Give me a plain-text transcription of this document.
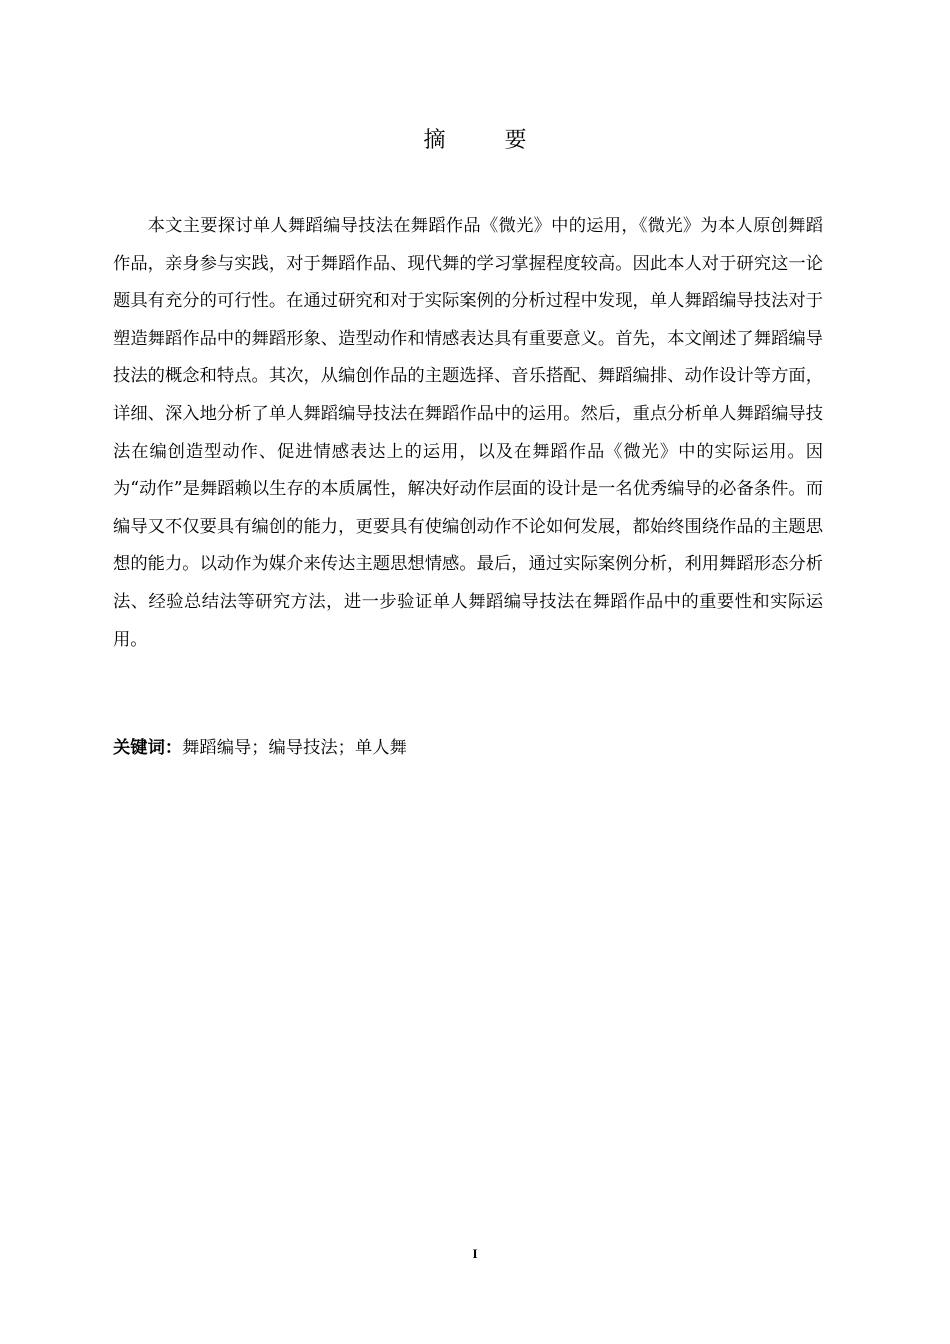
摘 要

本文主要探讨单人舞蹈编导技法在舞蹈作品《微光》中的运用，《微光》为本人原创舞蹈作品，亲身参与实践，对于舞蹈作品、现代舞的学习掌握程度较高。因此本人对于研究这一论题具有充分的可行性。在通过研究和对于实际案例的分析过程中发现，单人舞蹈编导技法对于塑造舞蹈作品中的舞蹈形象、造型动作和情感表达具有重要意义。首先，本文阐述了舞蹈编导技法的概念和特点。其次，从编创作品的主题选择、音乐搭配、舞蹈编排、动作设计等方面，详细、深入地分析了单人舞蹈编导技法在舞蹈作品中的运用。然后，重点分析单人舞蹈编导技法在编创造型动作、促进情感表达上的运用，以及在舞蹈作品《微光》中的实际运用。因为“动作”是舞蹈赖以生存的本质属性，解决好动作层面的设计是一名优秀编导的必备条件。而编导又不仅要具有编创的能力，更要具有使编创动作不论如何发展，都始终围绕作品的主题思想的能力。以动作为媒介来传达主题思想情感。最后，通过实际案例分析，利用舞蹈形态分析法、经验总结法等研究方法，进一步验证单人舞蹈编导技法在舞蹈作品中的重要性和实际运用。

关键词：舞蹈编导；编导技法；单人舞
I
